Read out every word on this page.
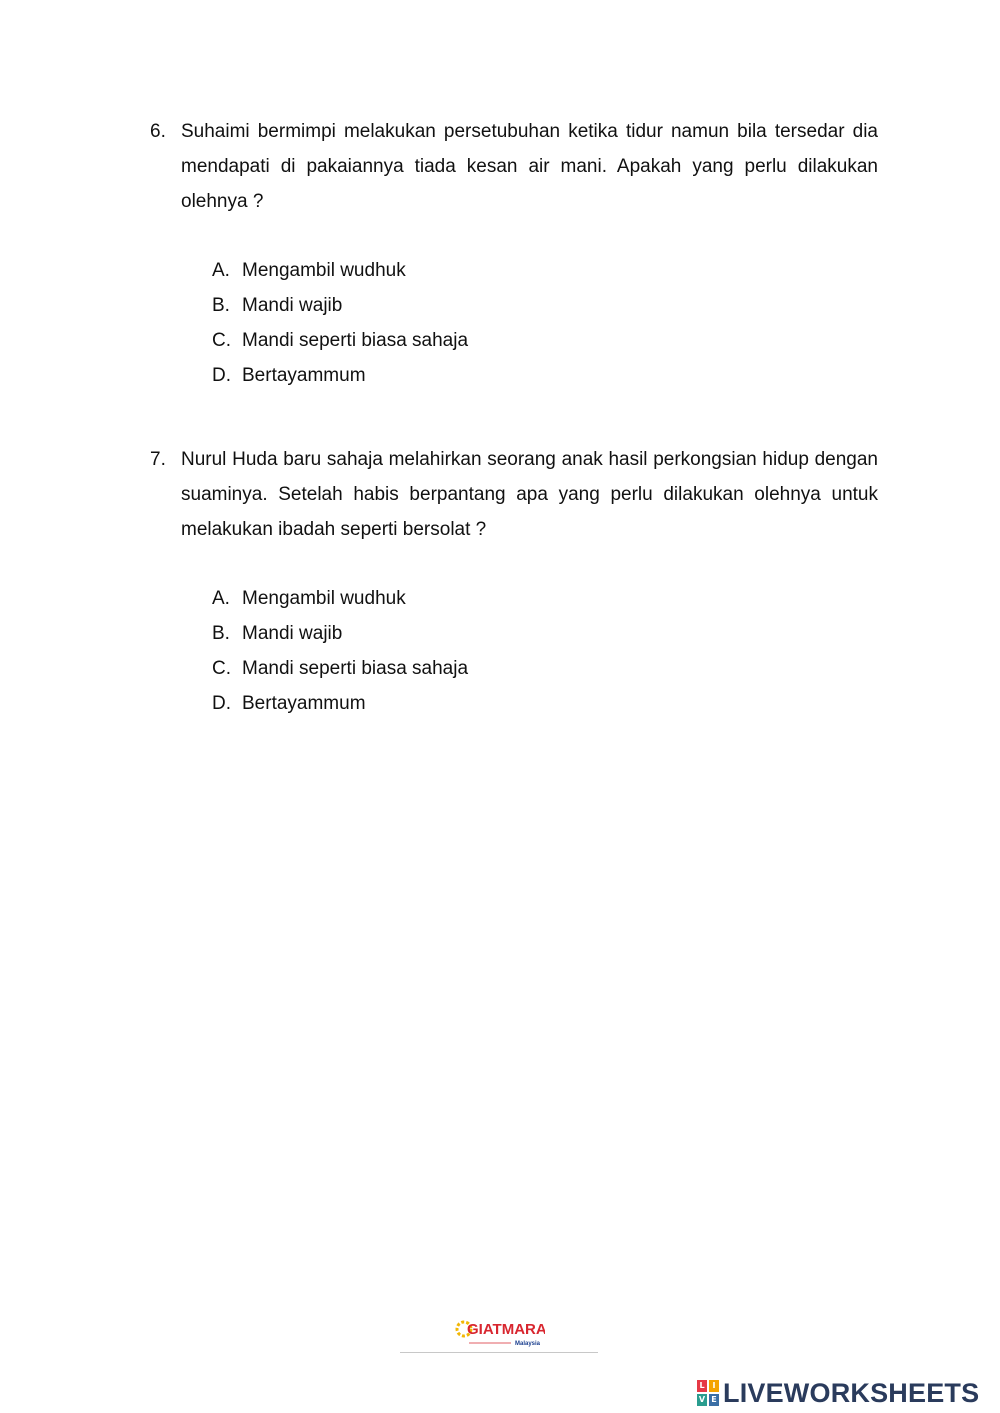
6. Suhaimi bermimpi melakukan persetubuhan ketika tidur namun bila tersedar dia mendapati di pakaiannya tiada kesan air mani. Apakah yang perlu dilakukan olehnya ?
A. Mengambil wudhuk
B. Mandi wajib
C. Mandi seperti biasa sahaja
D. Bertayammum
7. Nurul Huda baru sahaja melahirkan seorang anak hasil perkongsian hidup dengan suaminya. Setelah habis berpantang apa yang perlu dilakukan olehnya untuk melakukan ibadah seperti bersolat ?
A. Mengambil wudhuk
B. Mandi wajib
C. Mandi seperti biasa sahaja
D. Bertayammum
GIATMARA
Malaysia
L I
V E LIVEWORKSHEETS
